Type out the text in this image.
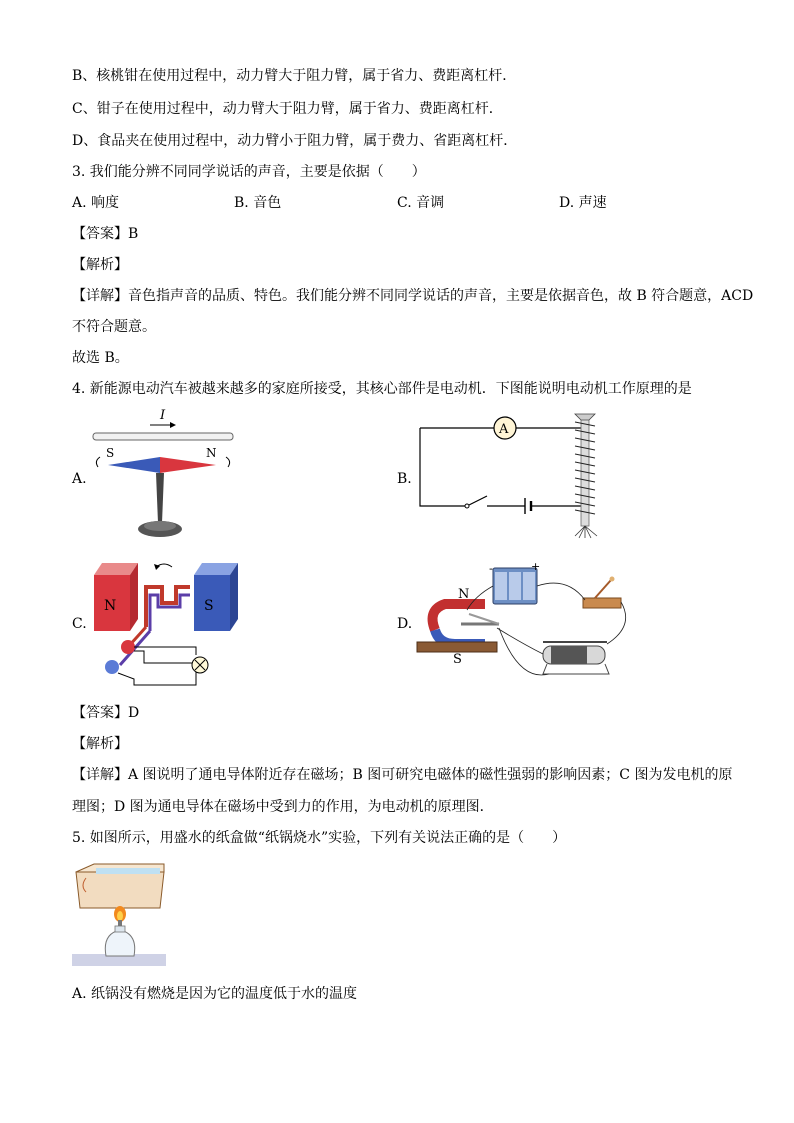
B、核桃钳在使用过程中，动力臂大于阻力臂，属于省力、费距离杠杆．
C、钳子在使用过程中，动力臂大于阻力臂，属于省力、费距离杠杆．
D、食品夹在使用过程中，动力臂小于阻力臂，属于费力、省距离杠杆．
3. 我们能分辨不同同学说话的声音，主要是依据（　　）
A. 响度	B. 音色	C. 音调	D. 声速
【答案】B
【解析】
【详解】音色指声音的品质、特色。我们能分辨不同同学说话的声音，主要是依据音色，故 B 符合题意，ACD
不符合题意。
故选 B。
4. 新能源电动汽车被越来越多的家庭所接受，其核心部件是电动机．下图能说明电动机工作原理的是
A.
I
S	N
B.
A
C.
N	S
D.
-	+
N
S
【答案】D
【解析】
【详解】A 图说明了通电导体附近存在磁场；B 图可研究电磁体的磁性强弱的影响因素；C 图为发电机的原
理图；D 图为通电导体在磁场中受到力的作用，为电动机的原理图．
5. 如图所示，用盛水的纸盒做“纸锅烧水”实验，下列有关说法正确的是（　　）
A. 纸锅没有燃烧是因为它的温度低于水的温度
